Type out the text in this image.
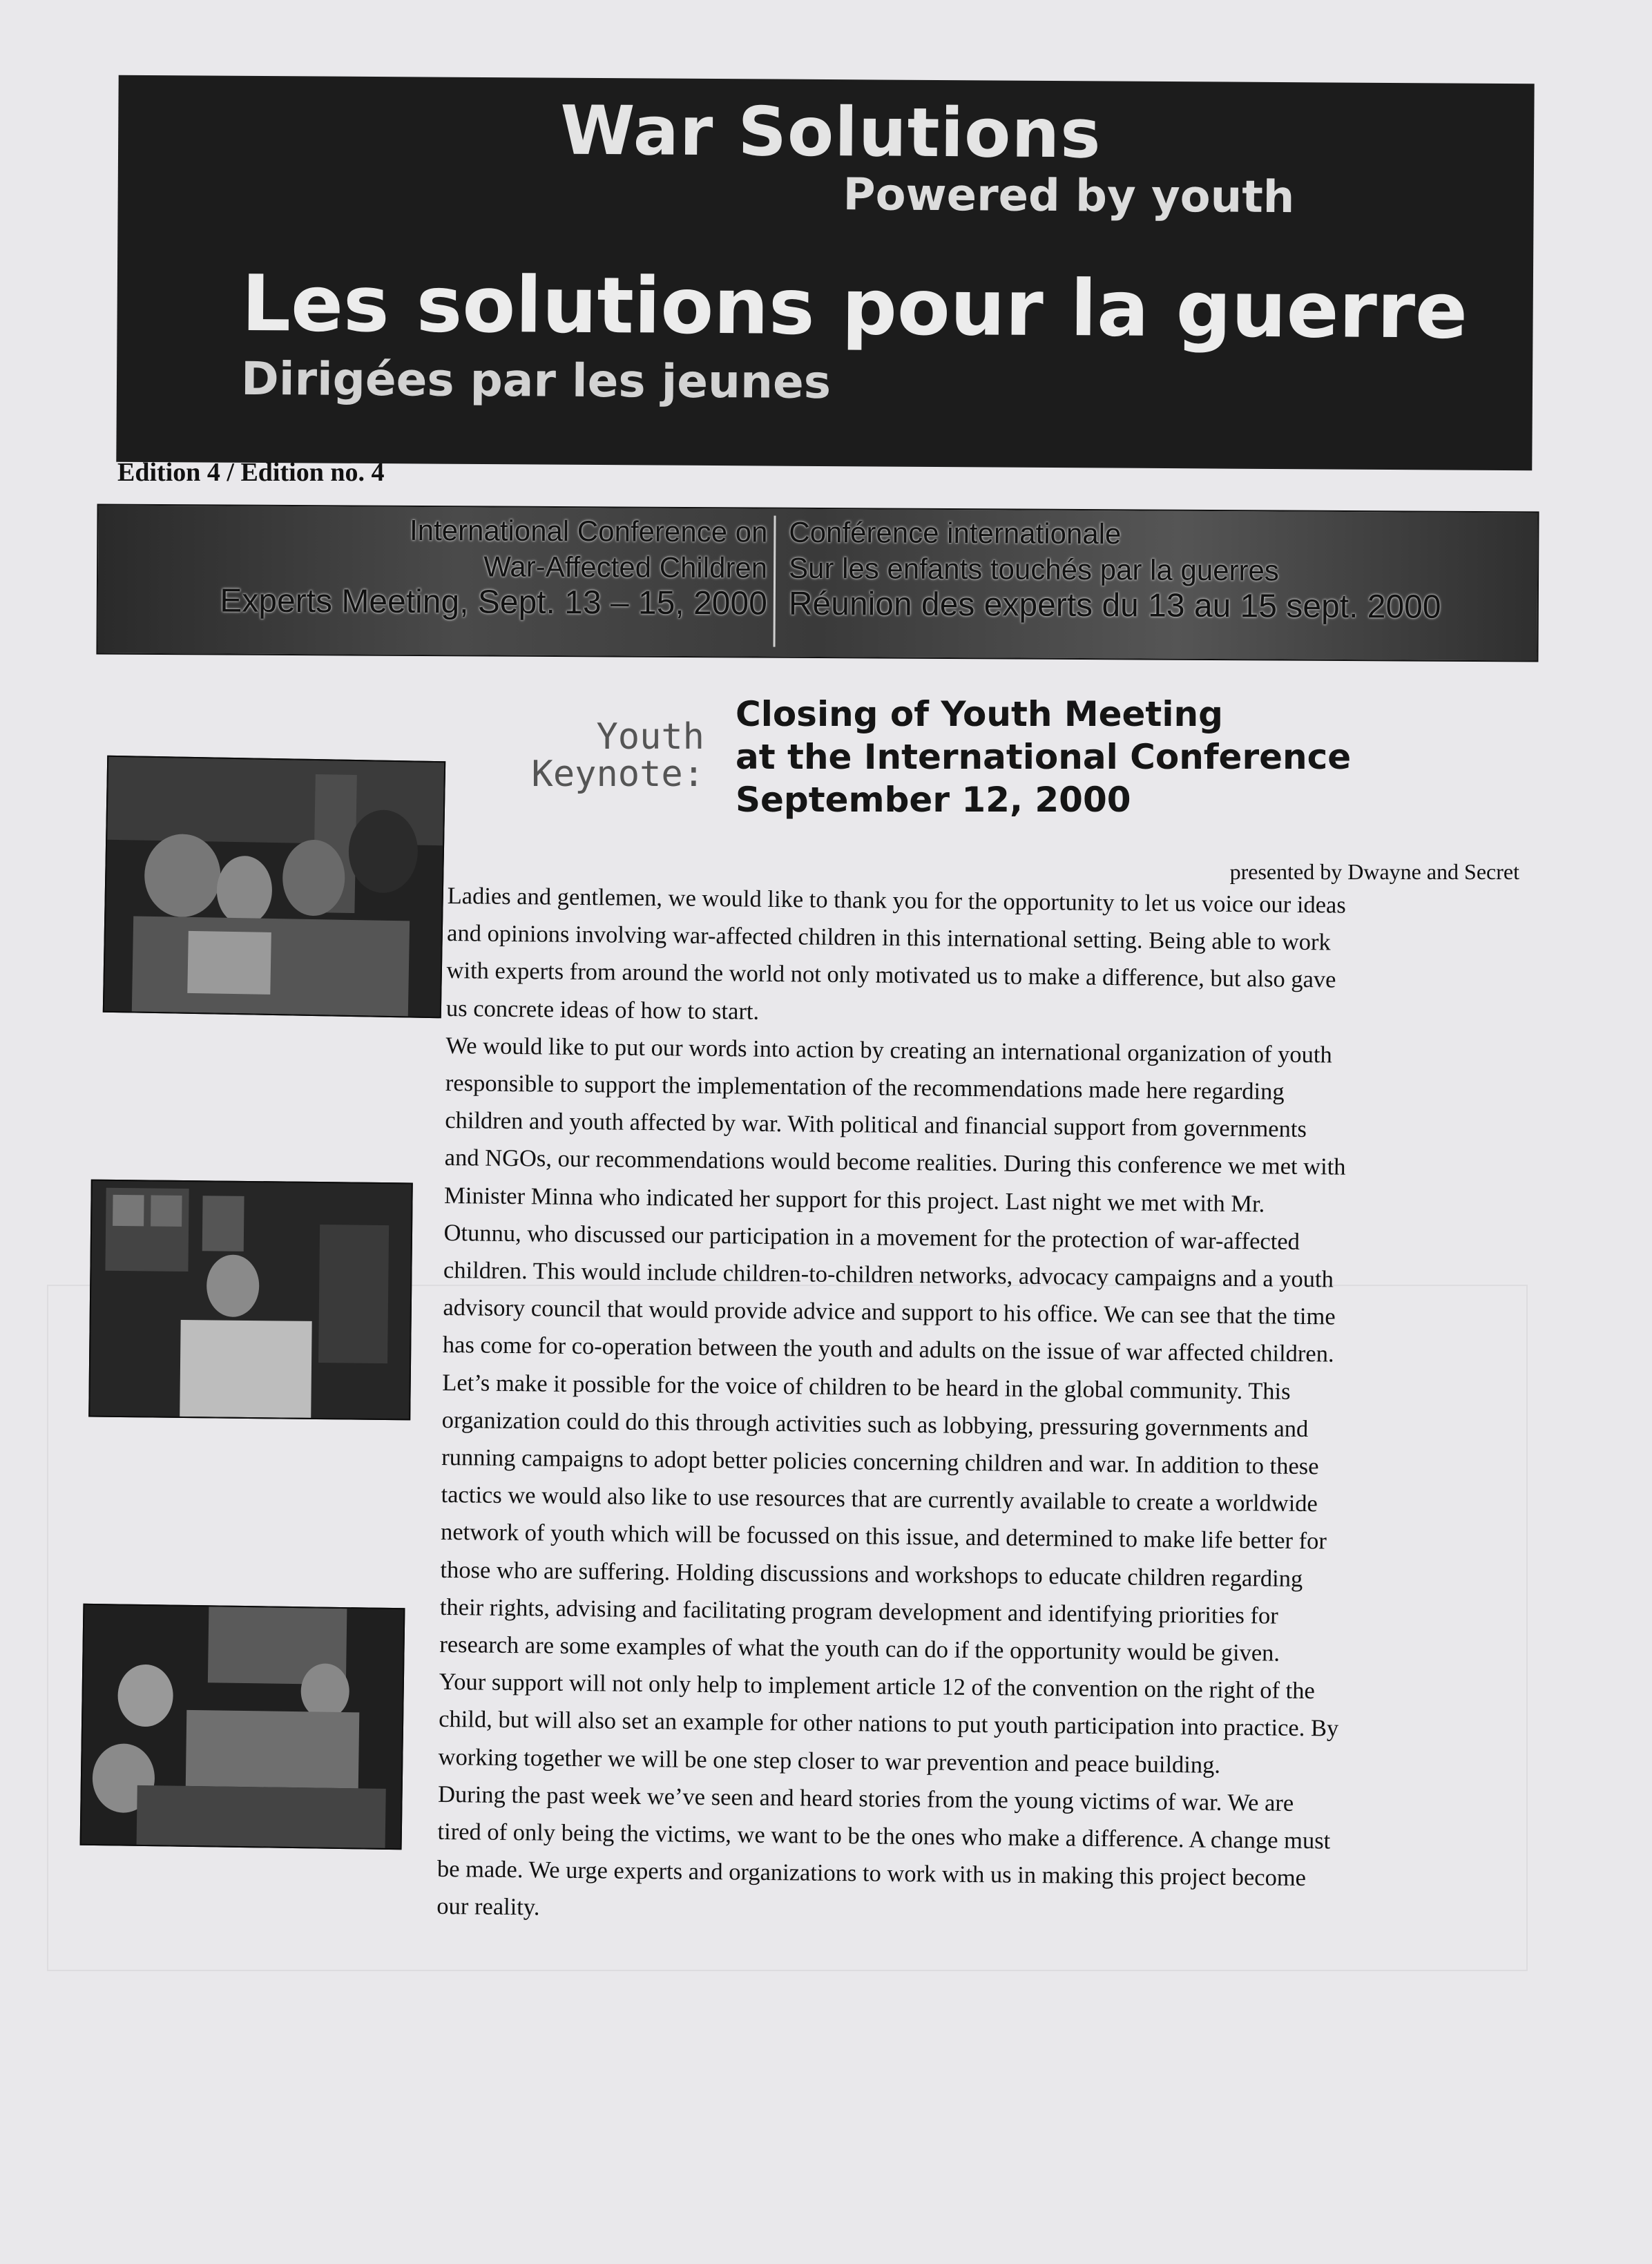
War Solutions
Powered by youth
Les solutions pour la guerre
Dirigées par les jeunes
Edition 4 / Edition no. 4
International Conference on
War-Affected Children
Experts Meeting, Sept. 13 – 15, 2000
Conférence internationale
Sur les enfants touchés par la guerres
Réunion des experts du 13 au 15 sept. 2000
Youth
Keynote:
Closing of Youth Meeting
at the International Conference
September 12, 2000
presented by Dwayne and Secret
Ladies and gentlemen, we would like to thank you for the opportunity to let us voice our ideas
and opinions involving war-affected children in this international setting. Being able to work
with experts from around the world not only motivated us to make a difference, but also gave
us concrete ideas of how to start.
We would like to put our words into action by creating an international organization of youth
responsible to support the implementation of the recommendations made here regarding
children and youth affected by war. With political and financial support from governments
and NGOs, our recommendations would become realities. During this conference we met with
Minister Minna who indicated her support for this project. Last night we met with Mr.
Otunnu, who discussed our participation in a movement for the protection of war-affected
children. This would include children-to-children networks, advocacy campaigns and a youth
advisory council that would provide advice and support to his office. We can see that the time
has come for co-operation between the youth and adults on the issue of war affected children.
Let’s make it possible for the voice of children to be heard in the global community. This
organization could do this through activities such as lobbying, pressuring governments and
running campaigns to adopt better policies concerning children and war. In addition to these
tactics we would also like to use resources that are currently available to create a worldwide
network of youth which will be focussed on this issue, and determined to make life better for
those who are suffering. Holding discussions and workshops to educate children regarding
their rights, advising and facilitating program development and identifying priorities for
research are some examples of what the youth can do if the opportunity would be given.
Your support will not only help to implement article 12 of the convention on the right of the
child, but will also set an example for other nations to put youth participation into practice. By
working together we will be one step closer to war prevention and peace building.
During the past week we’ve seen and heard stories from the young victims of war. We are
tired of only being the victims, we want to be the ones who make a difference. A change must
be made. We urge experts and organizations to work with us in making this project become
our reality.
